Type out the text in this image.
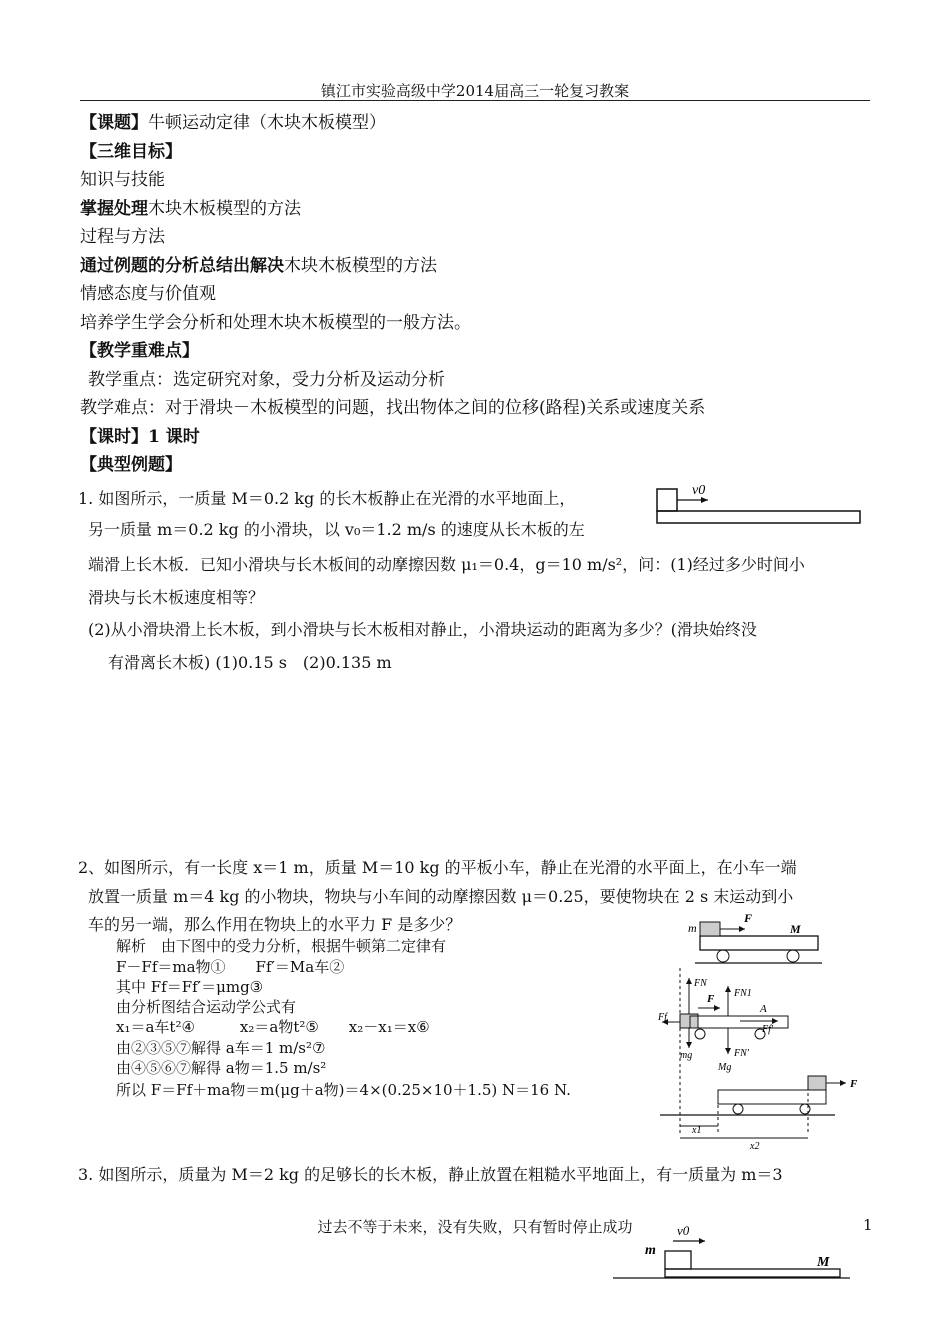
镇江市实验高级中学2014届高三一轮复习教案
【课题】牛顿运动定律（木块木板模型）
【三维目标】
知识与技能
掌握处理木块木板模型的方法
过程与方法
通过例题的分析总结出解决木块木板模型的方法
情感态度与价值观
培养学生学会分析和处理木块木板模型的一般方法。
【教学重难点】
教学重点：选定研究对象，受力分析及运动分析
教学难点：对于滑块－木板模型的问题，找出物体之间的位移(路程)关系或速度关系
【课时】1 课时
【典型例题】
1. 如图所示，一质量 M＝0.2 kg 的长木板静止在光滑的水平地面上，
另一质量 m＝0.2 kg 的小滑块，以 v₀＝1.2 m/s 的速度从长木板的左
端滑上长木板．已知小滑块与长木板间的动摩擦因数 μ₁＝0.4，g＝10 m/s²，问：(1)经过多少时间小
滑块与长木板速度相等？
(2)从小滑块滑上长木板，到小滑块与长木板相对静止，小滑块运动的距离为多少？(滑块始终没
有滑离长木板) (1)0.15 s　(2)0.135 m
v0
2、如图所示，有一长度 x＝1 m，质量 M＝10 kg 的平板小车，静止在光滑的水平面上，在小车一端
放置一质量 m＝4 kg 的小物块，物块与小车间的动摩擦因数 μ＝0.25，要使物块在 2 s 末运动到小
车的另一端，那么作用在物块上的水平力 F 是多少？
解析　由下图中的受力分析，根据牛顿第二定律有
F－Ff＝ma物①　　Ff′＝Ma车②
其中 Ff＝Ff′＝μmg③
由分析图结合运动学公式有
x₁＝a车t²④　　　x₂＝a物t²⑤　　x₂－x₁＝x⑥
由②③⑤⑦解得 a车＝1 m/s²⑦
由④⑤⑥⑦解得 a物＝1.5 m/s²
所以 F＝Ff＋ma物＝m(μg＋a物)＝4×(0.25×10＋1.5) N＝16 N.
m
F
M
FN
F
Ff
FN1
A
Ff′
mg	FN′
Mg
F
x1
x2
3. 如图所示，质量为 M＝2 kg 的足够长的长木板，静止放置在粗糙水平地面上，有一质量为 m＝3
过去不等于未来，没有失败，只有暂时停止成功	1
v0
m
M
